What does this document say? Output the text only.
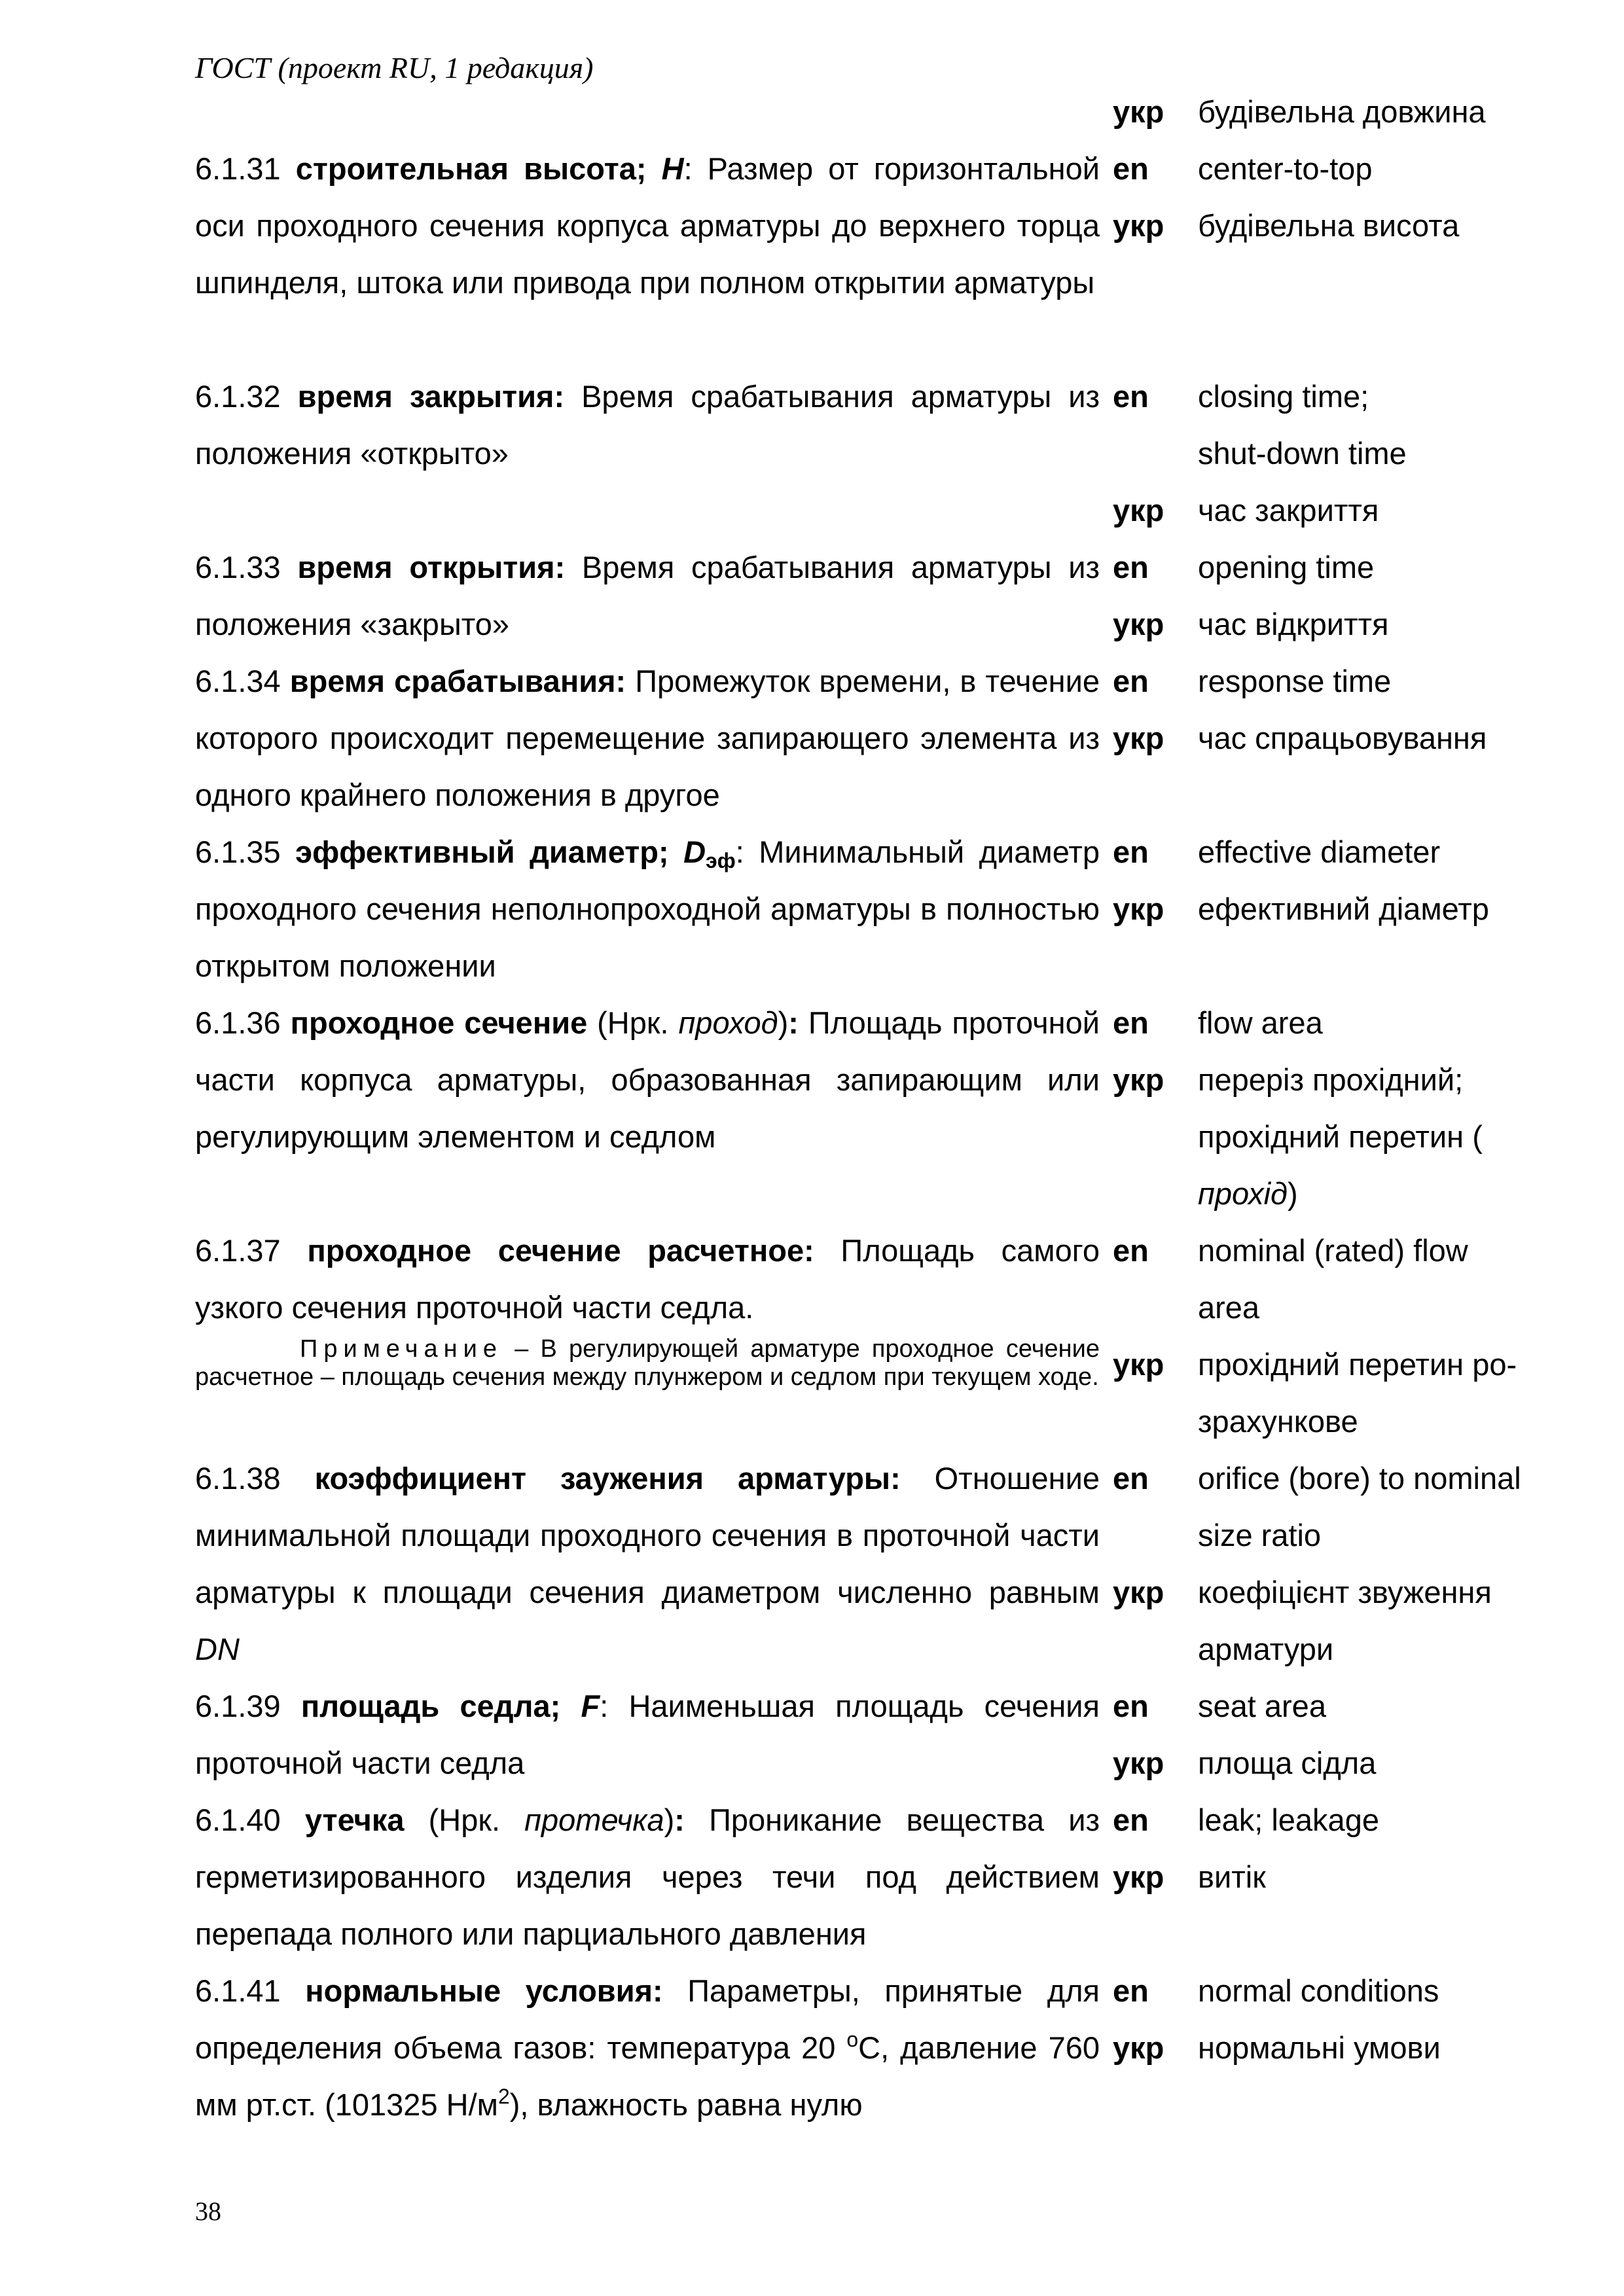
ГОСТ (проект RU, 1 редакция)
укр	будівельна довжина
6.1.31 строительная высота; H: Размер от горизонтальной оси проходного сечения корпуса арматуры до верхнего торца шпинделя, штока или привода при полном открытии арматуры
en	center-to-top
укр	будівельна висота
6.1.32 время закрытия: Время срабатывания арматуры из положения «открыто»
en	closing time;

shut-down time

укр	час закриття
6.1.33 время открытия: Время срабатывания арматуры из положения «закрыто»
en	opening time
укр	час відкриття
6.1.34 время срабатывания: Промежуток времени, в течение которого происходит перемещение запирающего элемента из одного крайнего положения в другое
en	response time
укр	час спрацьовування
6.1.35 эффективный диаметр; $D_{эф}$: Минимальный диаметр проходного сечения неполнопроходной арматуры в полностью открытом положении
en	effective diameter
укр	ефективний діаметр
6.1.36 проходное сечение (Нрк. проход): Площадь проточной части корпуса арматуры, образованная запирающим или регулирующим элементом и седлом
en	flow area
укр	переріз прохідний;

прохідний перетин (

прохід)

6.1.37 проходное сечение расчетное: Площадь самого узкого сечения проточной части седла.
en	nominal (rated) flow

area

Примечание – В регулирующей арматуре проходное сечение расчетное – площадь сечения между плунжером и седлом при текущем ходе. укр	прохідний перетин ро-

зрахункове

6.1.38 коэффициент заужения арматуры: Отношение минимальной площади проходного сечения в проточной части арматуры к площади сечения диаметром численно равным DN
en	orifice (bore) to nominal

size ratio

укр	коефіцієнт звуження

арматури

6.1.39 площадь седла; F: Наименьшая площадь сечения проточной части седла
en	seat area
укр	площа сідла
6.1.40 утечка (Нрк. протечка): Проникание вещества из герметизированного изделия через течи под действием перепада полного или парциального давления
en	leak; leakage
укр	витік
6.1.41 нормальные условия: Параметры, принятые для определения объема газов: температура 20 $^o$С, давление 760 мм рт.ст. (101325 $Н/м^2$), влажность равна нулю
en	normal conditions
укр	нормальні умови
38
